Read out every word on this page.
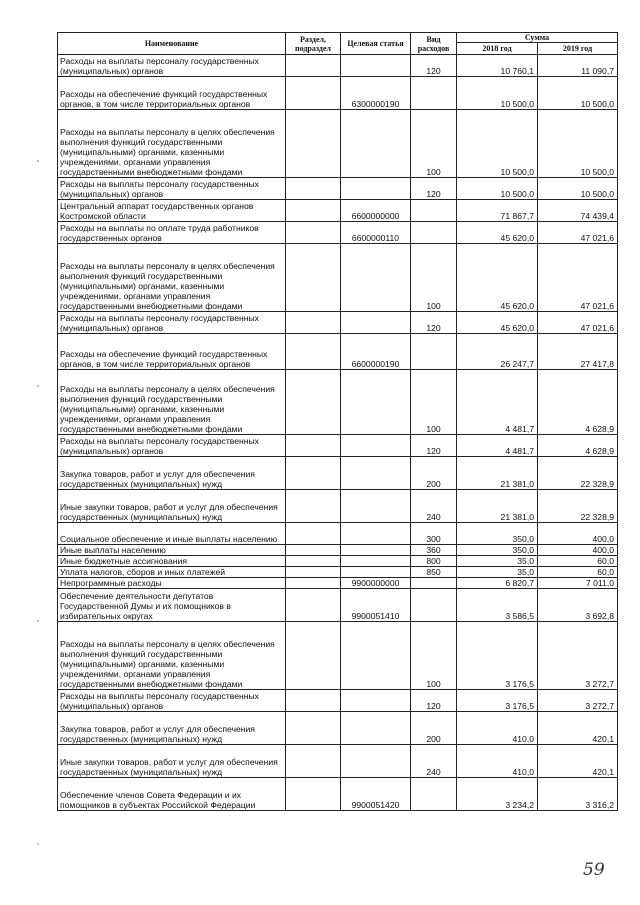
Наименование	Раздел, подраздел	Целевая статья	Вид расходов	Сумма	
				2018 год	2019 год
Расходы на выплаты персоналу государственных (муниципальных) органов			120	10 760,1	11 090,7
Расходы на обеспечение функций государственных органов, в том числе территориальных органов		6300000190		10 500,0	10 500,0
Расходы на выплаты персоналу в целях обеспечения выполнения функций государственными (муниципальными) органами, казенными учреждениями, органами управления государственными внебюджетными фондами			100	10 500,0	10 500,0
Расходы на выплаты персоналу государственных (муниципальных) органов			120	10 500,0	10 500,0
Центральный аппарат государственных органов Костромской области		6600000000		71 867,7	74 439,4
Расходы на выплаты по оплате труда работников государственных органов		6600000110		45 620,0	47 021,6
Расходы на выплаты персоналу в целях обеспечения выполнения функций государственными (муниципальными) органами, казенными учреждениями, органами управления государственными внебюджетными фондами			100	45 620,0	47 021,6
Расходы на выплаты персоналу государственных (муниципальных) органов			120	45 620,0	47 021,6
Расходы на обеспечение функций государственных органов, в том числе территориальных органов		6600000190		26 247,7	27 417,8
Расходы на выплаты персоналу в целях обеспечения выполнения функций государственными (муниципальными) органами, казенными учреждениями, органами управления государственными внебюджетными фондами			100	4 481,7	4 628,9
Расходы на выплаты персоналу государственных (муниципальных) органов			120	4 481,7	4 628,9
Закупка товаров, работ и услуг для обеспечения государственных (муниципальных) нужд			200	21 381,0	22 328,9
Иные закупки товаров, работ и услуг для обеспечения государственных (муниципальных) нужд			240	21 381,0	22 328,9
Социальное обеспечение и иные выплаты населению			300	350,0	400,0
Иные выплаты населению			360	350,0	400,0
Иные бюджетные ассигнования			800	35,0	60,0
Уплата налогов, сборов и иных платежей			850	35,0	60,0
Непрограммные расходы		9900000000		6 820,7	7 011,0
Обеспечение деятельности депутатов Государственной Думы и их помощников в избирательных округах		9900051410		3 586,5	3 692,8
Расходы на выплаты персоналу в целях обеспечения выполнения функций государственными (муниципальными) органами, казенными учреждениями, органами управления государственными внебюджетными фондами			100	3 176,5	3 272,7
Расходы на выплаты персоналу государственных (муниципальных) органов			120	3 176,5	3 272,7
Закупка товаров, работ и услуг для обеспечения государственных (муниципальных) нужд			200	410,0	420,1
Иные закупки товаров, работ и услуг для обеспечения государственных (муниципальных) нужд			240	410,0	420,1
Обеспечение членов Совета Федерации и их помощников в субъектах Российской Федерации		9900051420		3 234,2	3 316,2
`
`
`
`
59
